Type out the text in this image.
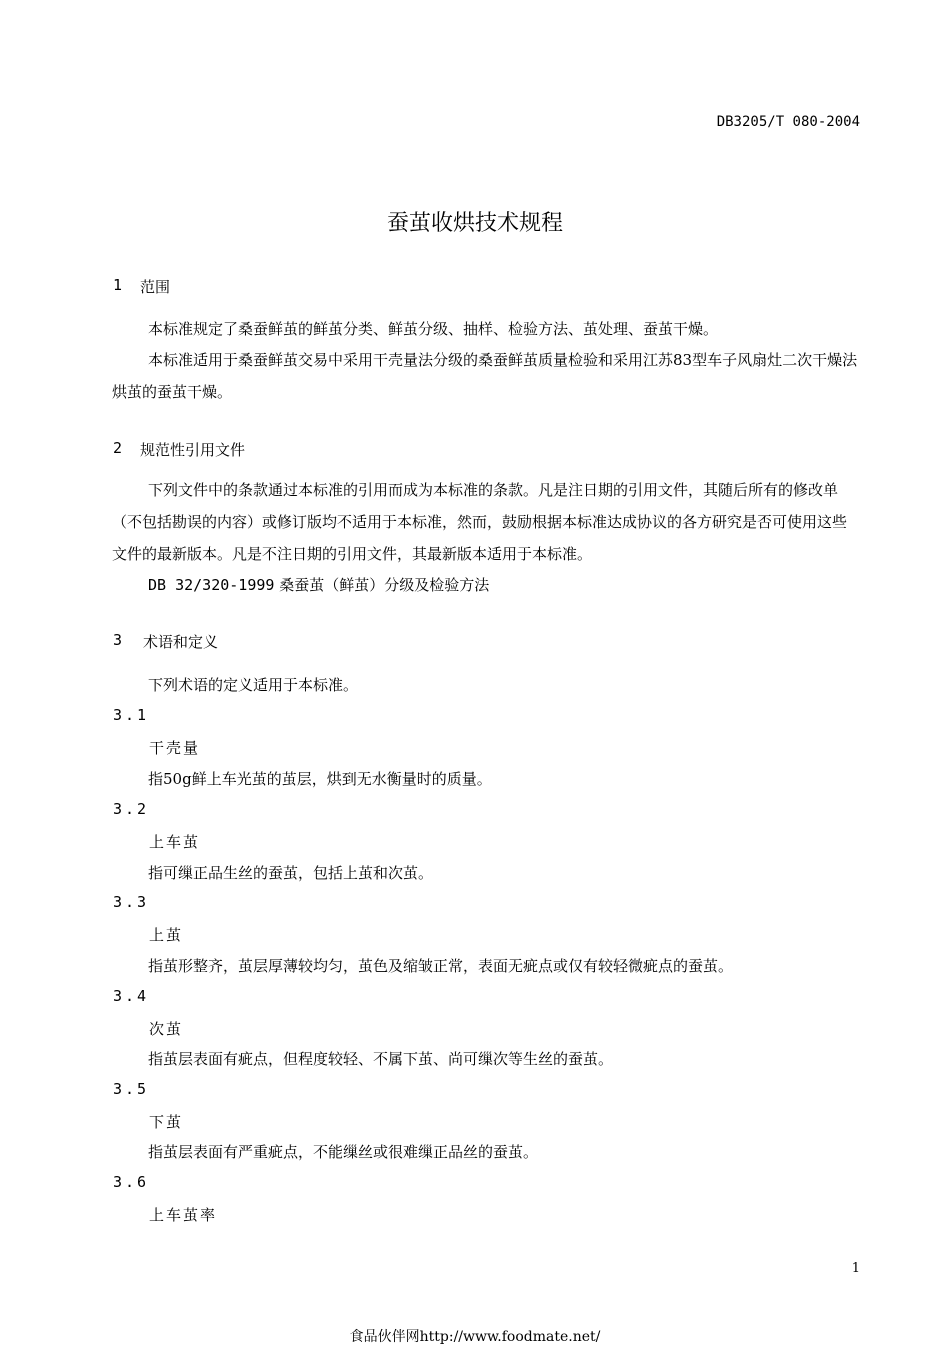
DB3205/T 080-2004
蚕茧收烘技术规程
1 范围
本标准规定了桑蚕鲜茧的鲜茧分类、鲜茧分级、抽样、检验方法、茧处理、蚕茧干燥。
本标准适用于桑蚕鲜茧交易中采用干壳量法分级的桑蚕鲜茧质量检验和采用江苏83型车子风扇灶二次干燥法烘茧的蚕茧干燥。
2 规范性引用文件
下列文件中的条款通过本标准的引用而成为本标准的条款。凡是注日期的引用文件，其随后所有的修改单（不包括勘误的内容）或修订版均不适用于本标准，然而，鼓励根据本标准达成协议的各方研究是否可使用这些文件的最新版本。凡是不注日期的引用文件，其最新版本适用于本标准。
DB 32/320-1999 桑蚕茧（鲜茧）分级及检验方法
3 术语和定义
下列术语的定义适用于本标准。
3.1
干壳量
指50g鲜上车光茧的茧层，烘到无水衡量时的质量。
3.2
上车茧
指可缫正品生丝的蚕茧，包括上茧和次茧。
3.3
上茧
指茧形整齐，茧层厚薄较均匀，茧色及缩皱正常，表面无疵点或仅有较轻微疵点的蚕茧。
3.4
次茧
指茧层表面有疵点，但程度较轻、不属下茧、尚可缫次等生丝的蚕茧。
3.5
下茧
指茧层表面有严重疵点，不能缫丝或很难缫正品丝的蚕茧。
3.6
上车茧率
1
食品伙伴网http://www.foodmate.net/
